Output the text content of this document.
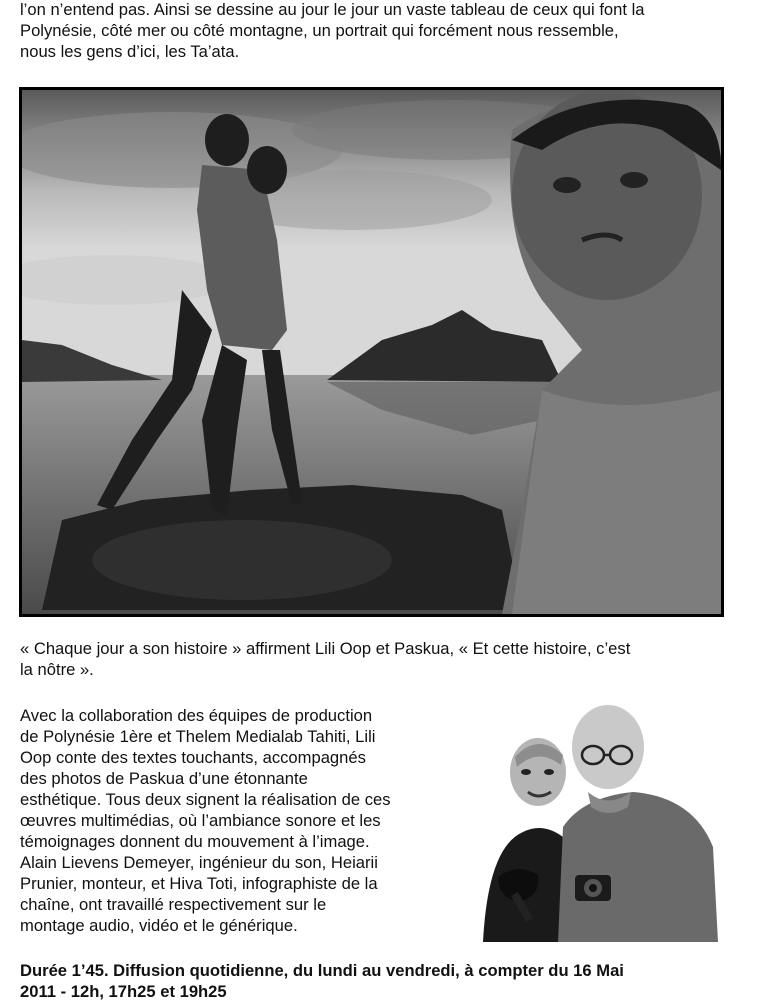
l’on n’entend pas. Ainsi se dessine au jour le jour un vaste tableau de ceux qui font la
Polynésie, côté mer ou côté montagne, un portrait qui forcément nous ressemble,
nous les gens d’ici, les Ta’ata.
« Chaque jour a son histoire » affirment Lili Oop et Paskua, « Et cette histoire, c’est
la nôtre ».
Avec la collaboration des équipes de production
de Polynésie 1ère et Thelem Medialab Tahiti, Lili
Oop conte des textes touchants, accompagnés
des photos de Paskua d’une étonnante
esthétique. Tous deux signent la réalisation de ces
œuvres multimédias, où l’ambiance sonore et les
témoignages donnent du mouvement à l’image.
Alain Lievens Demeyer, ingénieur du son, Heiarii
Prunier, monteur, et Hiva Toti, infographiste de la
chaîne, ont travaillé respectivement sur le
montage audio, vidéo et le générique.
Durée 1’45. Diffusion quotidienne, du lundi au vendredi, à compter du 16 Mai
2011 - 12h, 17h25 et 19h25
